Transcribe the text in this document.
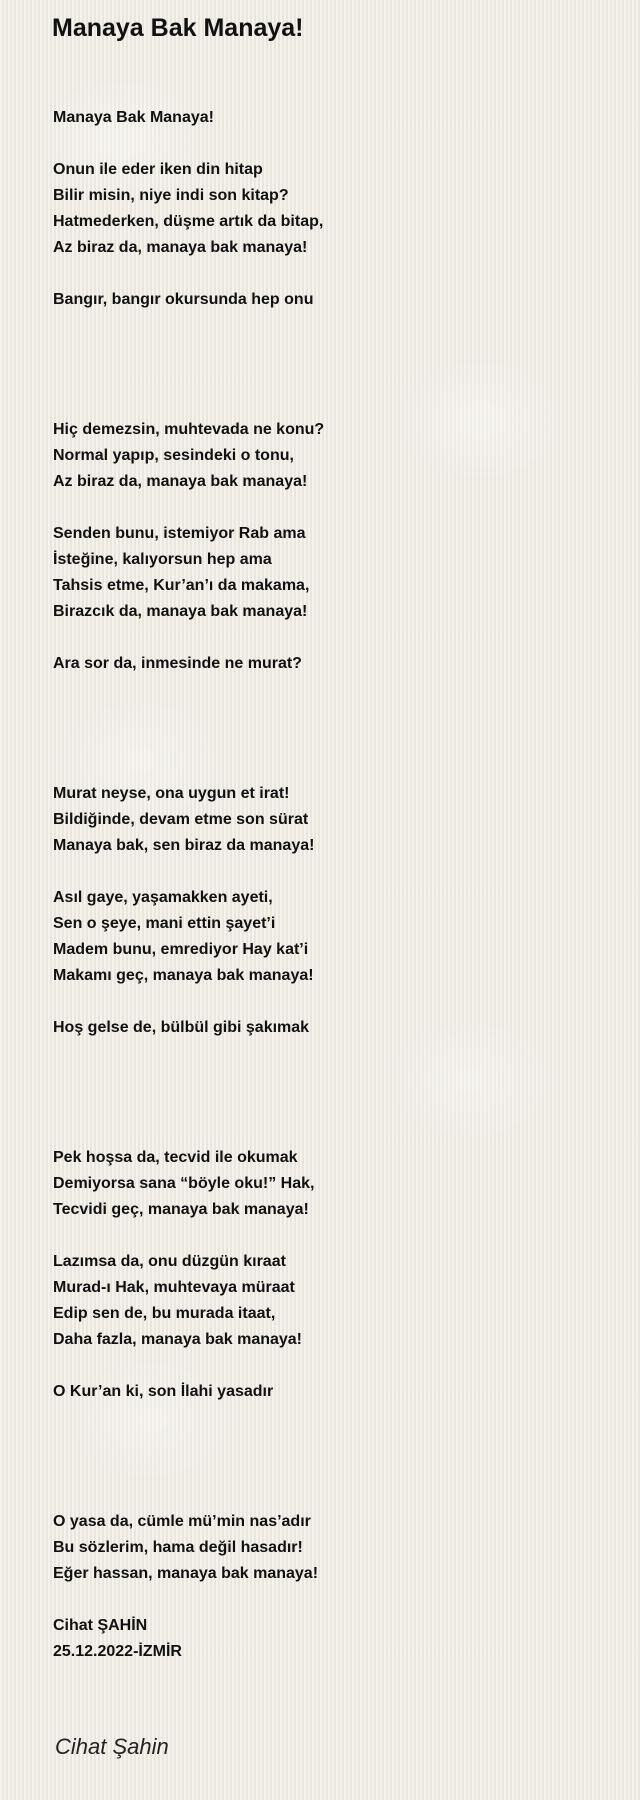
Manaya Bak Manaya!
Manaya Bak Manaya!
Onun ile eder iken din hitap
Bilir misin, niye indi son kitap?
Hatmederken, düşme artık da bitap,
Az biraz da, manaya bak manaya!
Bangır, bangır okursunda hep onu
Hiç demezsin, muhtevada ne konu?
Normal yapıp, sesindeki o tonu,
Az biraz da, manaya bak manaya!
Senden bunu, istemiyor Rab ama
İsteğine, kalıyorsun hep ama
Tahsis etme, Kur’an’ı da makama,
Birazcık da, manaya bak manaya!
Ara sor da, inmesinde ne murat?
Murat neyse, ona uygun et irat!
Bildiğinde, devam etme son sürat
Manaya bak, sen biraz da manaya!
Asıl gaye, yaşamakken ayeti,
Sen o şeye, mani ettin şayet’i
Madem bunu, emrediyor Hay kat’i
Makamı geç, manaya bak manaya!
Hoş gelse de, bülbül gibi şakımak
Pek hoşsa da, tecvid ile okumak
Demiyorsa sana “böyle oku!” Hak,
Tecvidi geç, manaya bak manaya!
Lazımsa da, onu düzgün kıraat
Murad-ı Hak, muhtevaya müraat
Edip sen de, bu murada itaat,
Daha fazla, manaya bak manaya!
O Kur’an ki, son İlahi yasadır
O yasa da, cümle mü’min nas’adır
Bu sözlerim, hama değil hasadır!
Eğer hassan, manaya bak manaya!
Cihat ŞAHİN
25.12.2022-İZMİR
Cihat Şahin
